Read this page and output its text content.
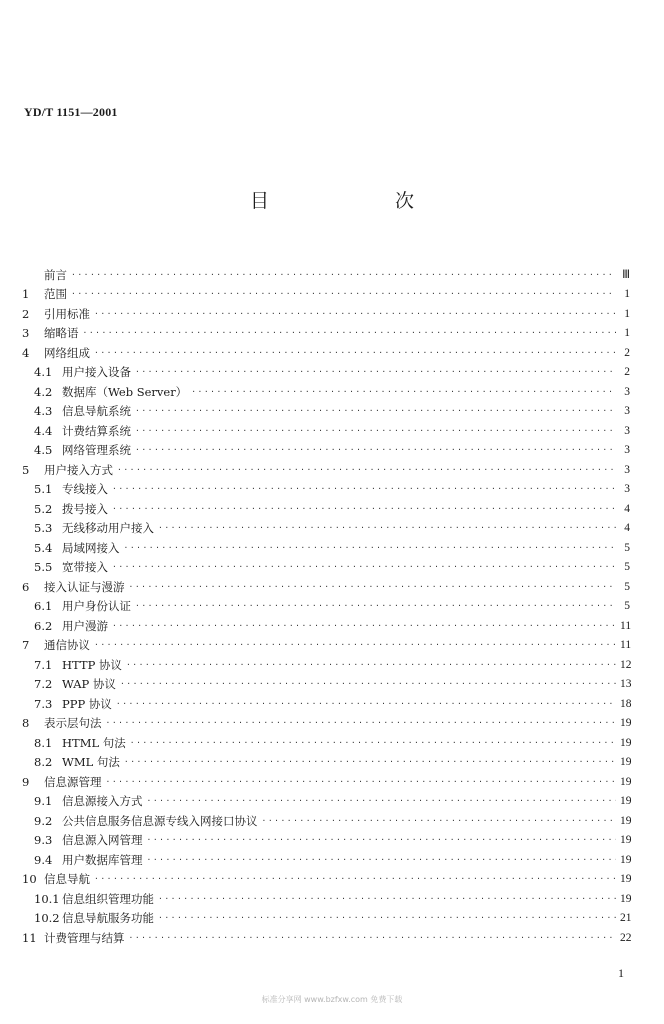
YD/T 1151—2001
目 次
前言 ·····	Ⅲ
1	范围 ·····	1
2	引用标准 ·····	1
3	缩略语 ·····	1
4	网络组成 ·····	2
4.1 用户接入设备 ·····	2
4.2 数据库（Web Server） ·····	3
4.3 信息导航系统 ·····	3
4.4 计费结算系统 ·····	3
4.5 网络管理系统 ·····	3
5	用户接入方式 ·····	3
5.1 专线接入 ·····	3
5.2 拨号接入 ·····	4
5.3 无线移动用户接入 ·····	4
5.4 局域网接入 ·····	5
5.5 宽带接入 ·····	5
6	接入认证与漫游 ·····	5
6.1 用户身份认证 ·····	5
6.2 用户漫游 ·····	11
7	通信协议 ·····	11
7.1 HTTP 协议 ·····	12
7.2 WAP 协议 ·····	13
7.3 PPP 协议 ·····	18
8	表示层句法 ·····	19
8.1 HTML 句法 ·····	19
8.2 WML 句法 ·····	19
9	信息源管理 ·····	19
9.1 信息源接入方式 ·····	19
9.2 公共信息服务信息源专线入网接口协议 ·····	19
9.3 信息源入网管理 ·····	19
9.4 用户数据库管理 ·····	19
10 信息导航 ·····	19
10.1 信息组织管理功能 ·····	19
10.2 信息导航服务功能 ·····	21
11 计费管理与结算 ·····	22
1
标准分享网 www.bzfxw.com 免费下载
